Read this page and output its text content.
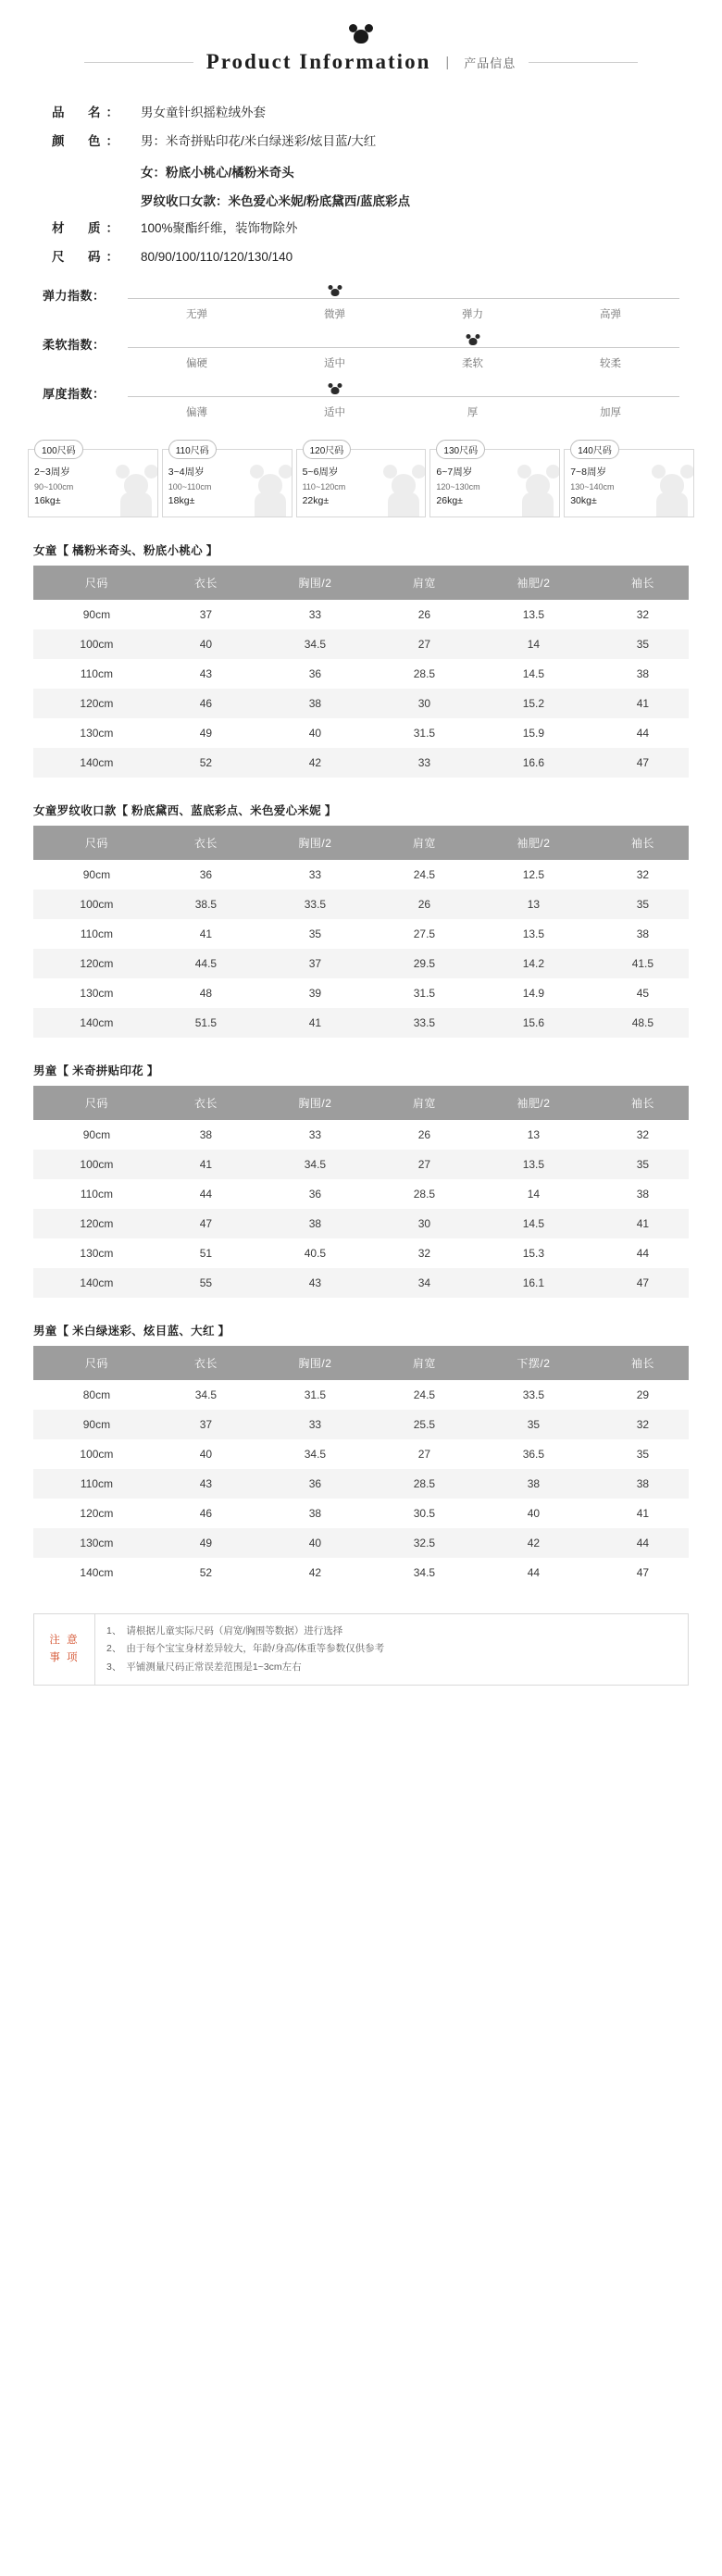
Product Information | 产品信息
品　名：	男女童针织摇粒绒外套
颜　色：	男：米奇拼贴印花/米白绿迷彩/炫目蓝/大红
女：粉底小桃心/橘粉米奇头
罗纹收口女款：米色爱心米妮/粉底黛西/蓝底彩点
材　质：	100%聚酯纤维，装饰物除外
尺　码：	80/90/100/110/120/130/140
弹力指数：
无弹	微弹	弹力	高弹
柔软指数：
偏硬	适中	柔软	较柔
厚度指数：
偏薄	适中	厚	加厚
100尺码
2~3周岁
90~100cm
16kg±
110尺码
3~4周岁
100~110cm
18kg±
120尺码
5~6周岁
110~120cm
22kg±
130尺码
6~7周岁
120~130cm
26kg±
140尺码
7~8周岁
130~140cm
30kg±
女童【 橘粉米奇头、粉底小桃心 】
尺码	衣长	胸围/2	肩宽	袖肥/2	袖长
90cm	37	33	26	13.5	32
100cm	40	34.5	27	14	35
110cm	43	36	28.5	14.5	38
120cm	46	38	30	15.2	41
130cm	49	40	31.5	15.9	44
140cm	52	42	33	16.6	47
女童罗纹收口款【 粉底黛西、蓝底彩点、米色爱心米妮 】
尺码	衣长	胸围/2	肩宽	袖肥/2	袖长
90cm	36	33	24.5	12.5	32
100cm	38.5	33.5	26	13	35
110cm	41	35	27.5	13.5	38
120cm	44.5	37	29.5	14.2	41.5
130cm	48	39	31.5	14.9	45
140cm	51.5	41	33.5	15.6	48.5
男童【 米奇拼贴印花 】
尺码	衣长	胸围/2	肩宽	袖肥/2	袖长
90cm	38	33	26	13	32
100cm	41	34.5	27	13.5	35
110cm	44	36	28.5	14	38
120cm	47	38	30	14.5	41
130cm	51	40.5	32	15.3	44
140cm	55	43	34	16.1	47
男童【 米白绿迷彩、炫目蓝、大红 】
尺码	衣长	胸围/2	肩宽	下摆/2	袖长
80cm	34.5	31.5	24.5	33.5	29
90cm	37	33	25.5	35	32
100cm	40	34.5	27	36.5	35
110cm	43	36	28.5	38	38
120cm	46	38	30.5	40	41
130cm	49	40	32.5	42	44
140cm	52	42	34.5	44	47
注 意
事 项
1、 请根据儿童实际尺码（肩宽/胸围等数据）进行选择
2、 由于每个宝宝身材差异较大，年龄/身高/体重等参数仅供参考
3、 平铺测量尺码正常误差范围是1~3cm左右
